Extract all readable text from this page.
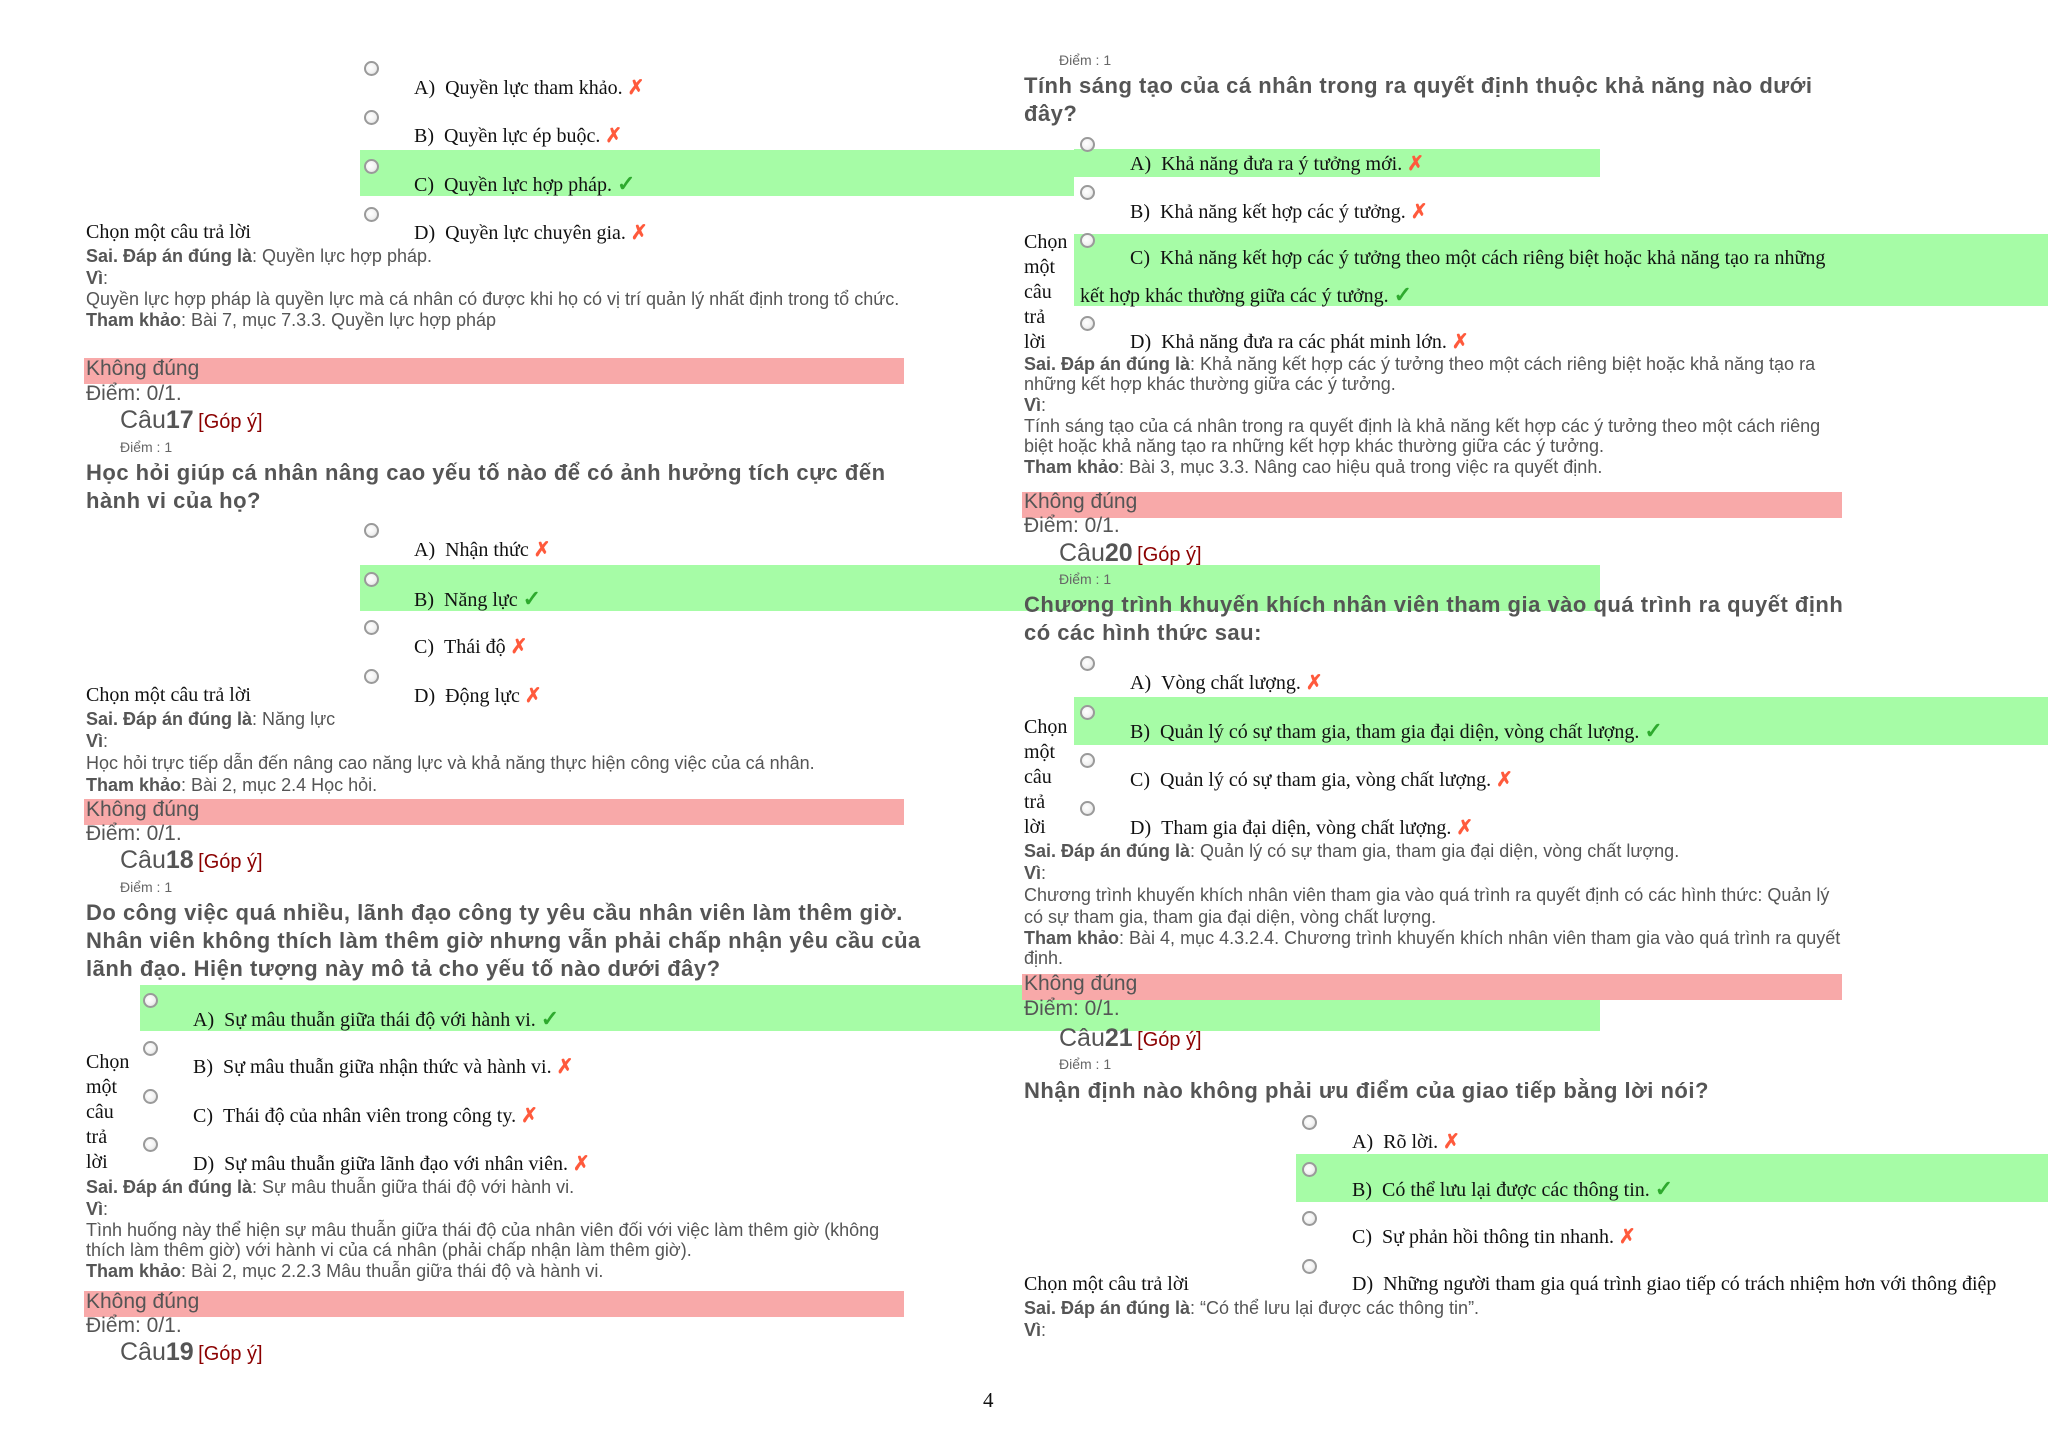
A) Quyền lực tham khảo. ✗
B) Quyền lực ép buộc. ✗
C) Quyền lực hợp pháp. ✓
D) Quyền lực chuyên gia. ✗
Chọn một câu trả lời
Sai. Đáp án đúng là: Quyền lực hợp pháp.
Vì:
Quyền lực hợp pháp là quyền lực mà cá nhân có được khi họ có vị trí quản lý nhất định trong tổ chức.
Tham khảo: Bài 7, mục 7.3.3. Quyền lực hợp pháp
Không đúng
Điểm: 0/1.
Câu17 [Góp ý]
Điểm : 1
Học hỏi giúp cá nhân nâng cao yếu tố nào để có ảnh hưởng tích cực đến hành vi của họ?
A) Nhận thức ✗
B) Năng lực ✓
C) Thái độ ✗
D) Động lực ✗
Chọn một câu trả lời
Sai. Đáp án đúng là: Năng lực
Vì:
Học hỏi trực tiếp dẫn đến nâng cao năng lực và khả năng thực hiện công việc của cá nhân.
Tham khảo: Bài 2, mục 2.4 Học hỏi.
Không đúng
Điểm: 0/1.
Câu18 [Góp ý]
Điểm : 1
Do công việc quá nhiều, lãnh đạo công ty yêu cầu nhân viên làm thêm giờ. Nhân viên không thích làm thêm giờ nhưng vẫn phải chấp nhận yêu cầu của lãnh đạo. Hiện tượng này mô tả cho yếu tố nào dưới đây?
A) Sự mâu thuẫn giữa thái độ với hành vi. ✓
B) Sự mâu thuẫn giữa nhận thức và hành vi. ✗
C) Thái độ của nhân viên trong công ty. ✗
D) Sự mâu thuẫn giữa lãnh đạo với nhân viên. ✗
Chọn
một
câu
trả
lời
Sai. Đáp án đúng là: Sự mâu thuẫn giữa thái độ với hành vi.
Vì:
Tình huống này thể hiện sự mâu thuẫn giữa thái độ của nhân viên đối với việc làm thêm giờ (không thích làm thêm giờ) với hành vi của cá nhân (phải chấp nhận làm thêm giờ).
Tham khảo: Bài 2, mục 2.2.3 Mâu thuẫn giữa thái độ và hành vi.
Không đúng
Điểm: 0/1.
Câu19 [Góp ý]
Điểm : 1
Tính sáng tạo của cá nhân trong ra quyết định thuộc khả năng nào dưới đây?
A) Khả năng đưa ra ý tưởng mới. ✗
B) Khả năng kết hợp các ý tưởng. ✗
C) Khả năng kết hợp các ý tưởng theo một cách riêng biệt hoặc khả năng tạo ra những
kết hợp khác thường giữa các ý tưởng. ✓
D) Khả năng đưa ra các phát minh lớn. ✗
Chọn
một
câu
trả
lời
Sai. Đáp án đúng là: Khả năng kết hợp các ý tưởng theo một cách riêng biệt hoặc khả năng tạo ra những kết hợp khác thường giữa các ý tưởng.
Vì:
Tính sáng tạo của cá nhân trong ra quyết định là khả năng kết hợp các ý tưởng theo một cách riêng biệt hoặc khả năng tạo ra những kết hợp khác thường giữa các ý tưởng.
Tham khảo: Bài 3, mục 3.3. Nâng cao hiệu quả trong việc ra quyết định.
Không đúng
Điểm: 0/1.
Câu20 [Góp ý]
Điểm : 1
Chương trình khuyến khích nhân viên tham gia vào quá trình ra quyết định có các hình thức sau:
A) Vòng chất lượng. ✗
B) Quản lý có sự tham gia, tham gia đại diện, vòng chất lượng. ✓
C) Quản lý có sự tham gia, vòng chất lượng. ✗
D) Tham gia đại diện, vòng chất lượng. ✗
Chọn
một
câu
trả
lời
Sai. Đáp án đúng là: Quản lý có sự tham gia, tham gia đại diện, vòng chất lượng.
Vì:
Chương trình khuyến khích nhân viên tham gia vào quá trình ra quyết định có các hình thức: Quản lý có sự tham gia, tham gia đại diện, vòng chất lượng.
Tham khảo: Bài 4, mục 4.3.2.4. Chương trình khuyến khích nhân viên tham gia vào quá trình ra quyết định.
Không đúng
Điểm: 0/1.
Câu21 [Góp ý]
Điểm : 1
Nhận định nào không phải ưu điểm của giao tiếp bằng lời nói?
A) Rõ lời. ✗
B) Có thể lưu lại được các thông tin. ✓
C) Sự phản hồi thông tin nhanh. ✗
D) Những người tham gia quá trình giao tiếp có trách nhiệm hơn với thông điệp
Chọn một câu trả lời
Sai. Đáp án đúng là: “Có thể lưu lại được các thông tin”.
Vì:
4
